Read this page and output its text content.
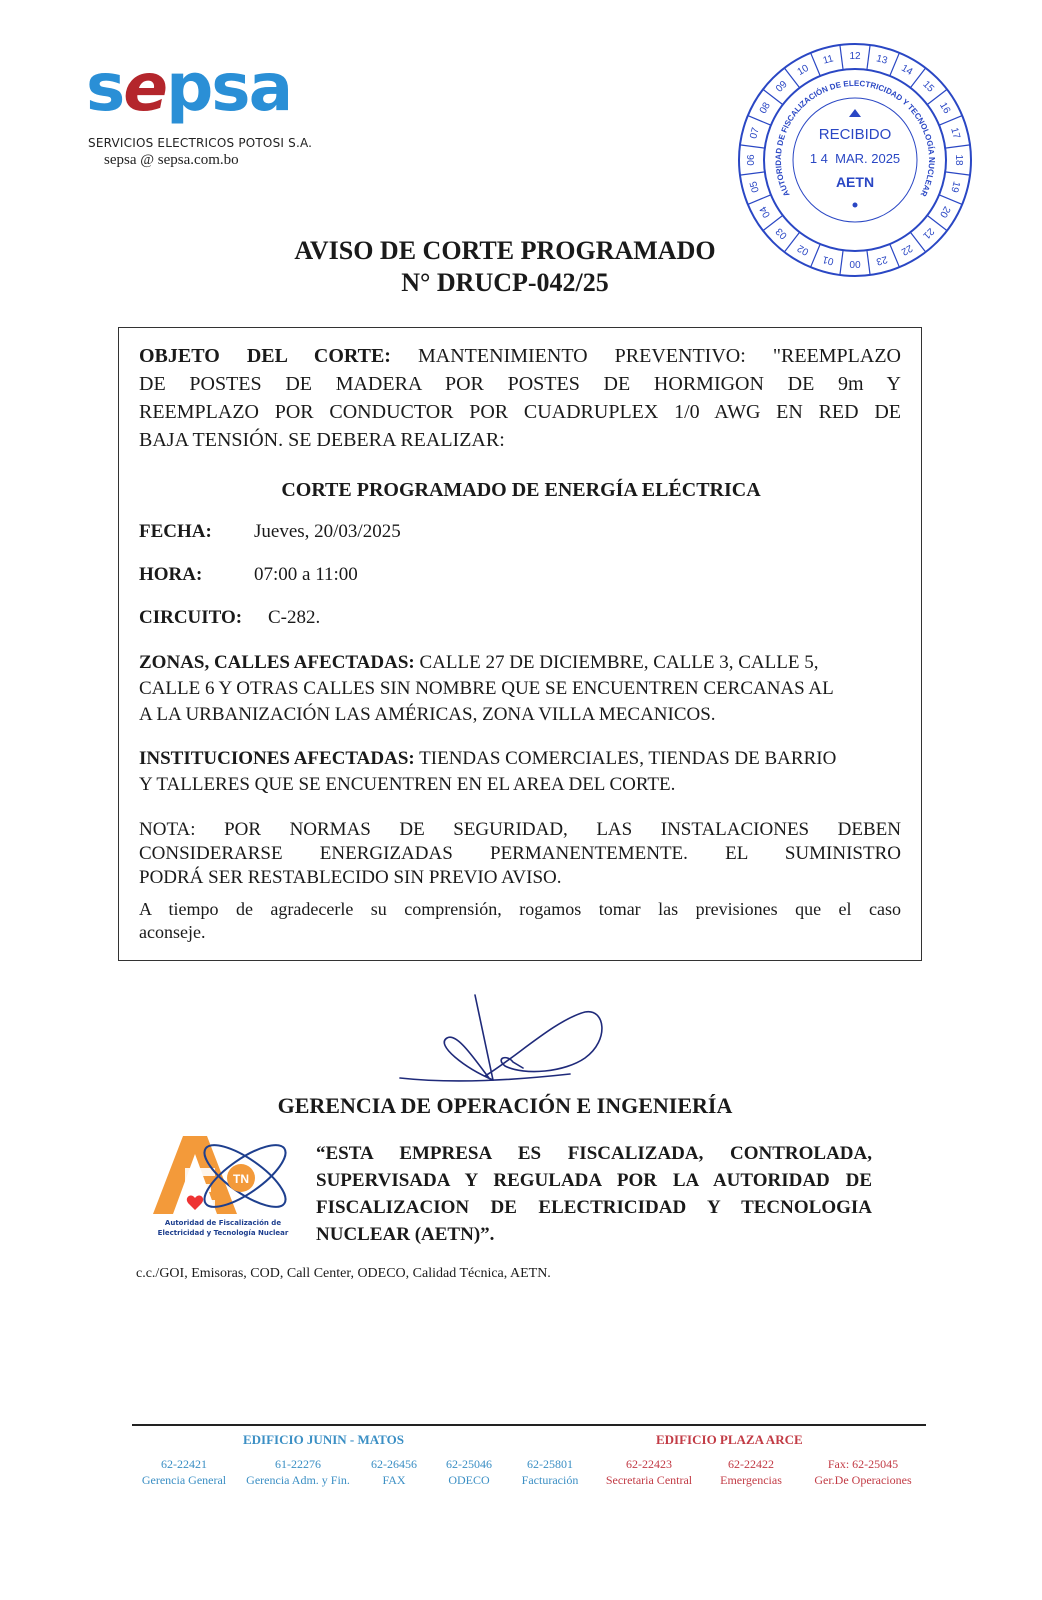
sepsa
SERVICIOS ELECTRICOS POTOSI S.A.
sepsa @ sepsa.com.bo
01
02
03
04
05
06
07
08
09
10
11 12 13
14
15
16
17
18
19
20
21
22
23
00
AUTORIDAD DE FISCALIZACIÓN DE ELECTRICIDAD Y TECNOLOGÍA NUCLEAR
RECIBIDO
1 4  MAR. 2025
AETN
AVISO DE CORTE PROGRAMADO
N° DRUCP-042/25
OBJETO DEL CORTE: MANTENIMIENTO PREVENTIVO: "REEMPLAZO
DE POSTES DE MADERA POR POSTES DE HORMIGON DE 9m Y
REEMPLAZO POR CONDUCTOR POR CUADRUPLEX 1/0 AWG EN RED DE
BAJA TENSIÓN. SE DEBERA REALIZAR:
CORTE PROGRAMADO DE ENERGÍA ELÉCTRICA
FECHA: Jueves, 20/03/2025
HORA:	07:00 a 11:00
CIRCUITO: C-282.
ZONAS, CALLES AFECTADAS: CALLE 27 DE DICIEMBRE, CALLE 3, CALLE 5,
CALLE 6 Y OTRAS CALLES SIN NOMBRE QUE SE ENCUENTREN CERCANAS AL
A LA URBANIZACIÓN LAS AMÉRICAS, ZONA VILLA MECANICOS.
INSTITUCIONES AFECTADAS: TIENDAS COMERCIALES, TIENDAS DE BARRIO
Y TALLERES QUE SE ENCUENTREN EN EL AREA DEL CORTE.
NOTA: POR NORMAS DE SEGURIDAD, LAS INSTALACIONES DEBEN
CONSIDERARSE ENERGIZADAS PERMANENTEMENTE. EL SUMINISTRO
PODRÁ SER RESTABLECIDO SIN PREVIO AVISO.
A tiempo de agradecerle su comprensión, rogamos tomar las previsiones que el caso
aconseje.
GERENCIA DE OPERACIÓN E INGENIERÍA
TN
Autoridad de Fiscalización de
Electricidad y Tecnología Nuclear
“ESTA EMPRESA ES FISCALIZADA, CONTROLADA,
SUPERVISADA Y REGULADA POR LA AUTORIDAD DE
FISCALIZACION DE ELECTRICIDAD Y TECNOLOGIA
NUCLEAR (AETN)”.
c.c./GOI, Emisoras, COD, Call Center, ODECO, Calidad Técnica, AETN.
EDIFICIO JUNIN - MATOS	EDIFICIO PLAZA ARCE
62-22421
Gerencia General
61-22276
Gerencia Adm. y Fin.
62-26456
FAX
62-25046
ODECO
62-25801
Facturación
62-22423
Secretaria Central
62-22422
Emergencias
Fax: 62-25045
Ger.De Operaciones
